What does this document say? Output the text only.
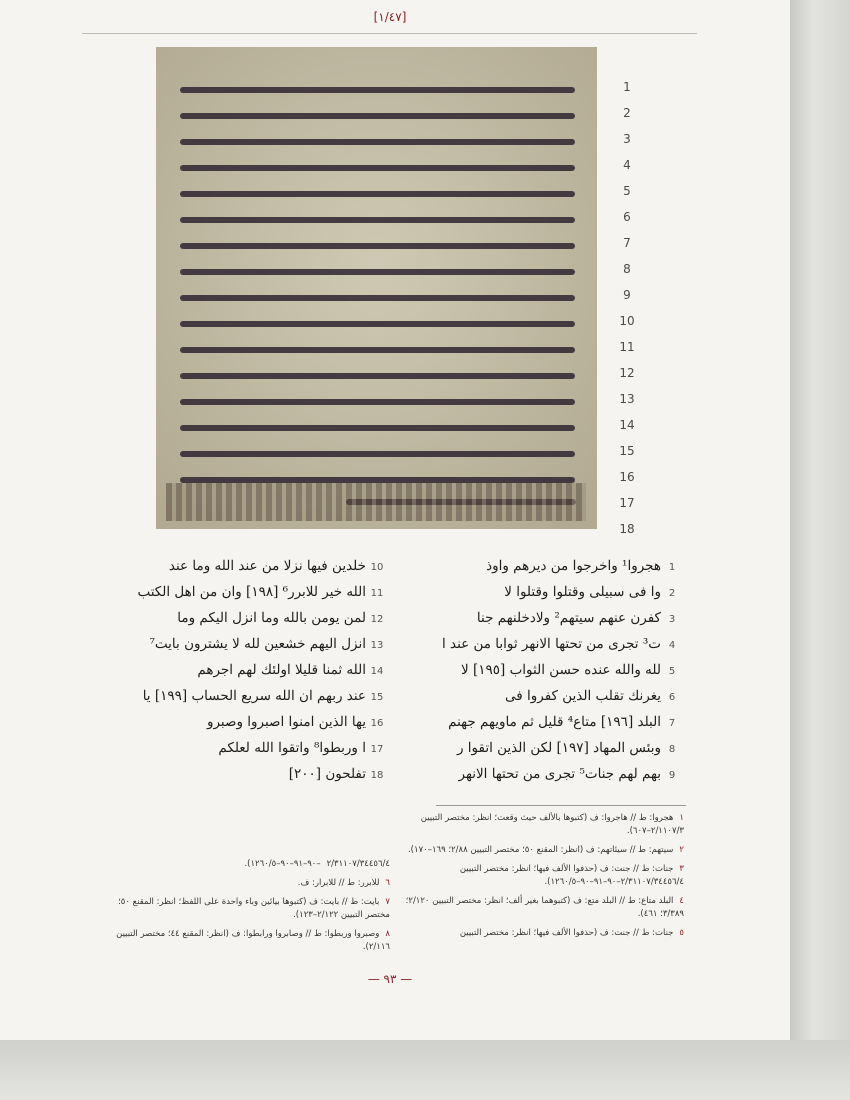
[١/٤٧]
1
2
3
4
5
6
7
8
9
10
11
12
13
14
15
16
17
18
1هجروا¹ واخرجوا من ديرهم واوذ
2وا فى سبيلى وقتلوا وقتلوا لا
3كفرن عنهم سيتهم² ولادخلنهم جنا
4ت³ تجرى من تحتها الانهر ثوابا من عند ا
5لله والله عنده حسن الثواب [١٩٥] لا
6يغرنك تقلب الذين كفروا فى
7البلد [١٩٦] متاع⁴ قليل ثم ماويهم جهنم
8وبئس المهاد [١٩٧] لكن الذين اتقوا ر
9بهم لهم جنات⁵ تجرى من تحتها الانهر
10خلدين فيها نزلا من عند الله وما عند
11الله خير للابرر⁶ [١٩٨] وان من اهل الكتب
12لمن يومن بالله وما انزل اليكم وما
13انزل اليهم خشعين لله لا يشترون بايت⁷
14الله ثمنا قليلا اولئك لهم اجرهم
15عند ربهم ان الله سريع الحساب [١٩٩] يا
16يها الذين امنوا اصبروا وصبرو
17ا وربطوا⁸ واتقوا الله لعلكم
18تفلحون [٢٠٠]
١هجروا: ط // هاجروا: ف (كتبوها بالألف حيث وقعت؛ انظر: مختصر التبيين ٢/١١٠٧/٣–٦٠٧).
٢سيتهم: ط // سيئاتهم: ف (انظر: المقنع ٥٠؛ مختصر التبيين ٢/٨٨؛ ١٦٩–١٧٠).
٣جنات: ط // جنت: ف (حذفوا الألف فيها؛ انظر: مختصر التبيين ٢/٣١١٠٧/٣٤٤٥٦/٤–٩٠–٩١–٩٠–١٢٦٠/٥).
٤البلد متاع: ط // البلد متع: ف (كتبوهما بغير ألف؛ انظر: مختصر التبيين ٢/١٢٠؛ ٣/٣٨٩؛ ٤٦١).
٥جنات: ط // جنت: ف (حذفوا الألف فيها؛ انظر: مختصر التبيين
٢/٣١١٠٧/٣٤٤٥٦/٤–٩٠–٩١–٩٠–١٢٦٠/٥).
٦للابرر: ط // للابرار: ف.
٧بايت: ط // بايت: ف (كتبوها بيائين وباء واحدة على اللفظ؛ انظر: المقنع ٥٠؛ مختصر التبيين ٢/١٢٢–١٢٣).
٨وصبروا وربطوا: ط // وصابروا ورابطوا: ف (انظر: المقنع ٤٤؛ مختصر التبيين ٢/١١٦).
— ٩٣ —
